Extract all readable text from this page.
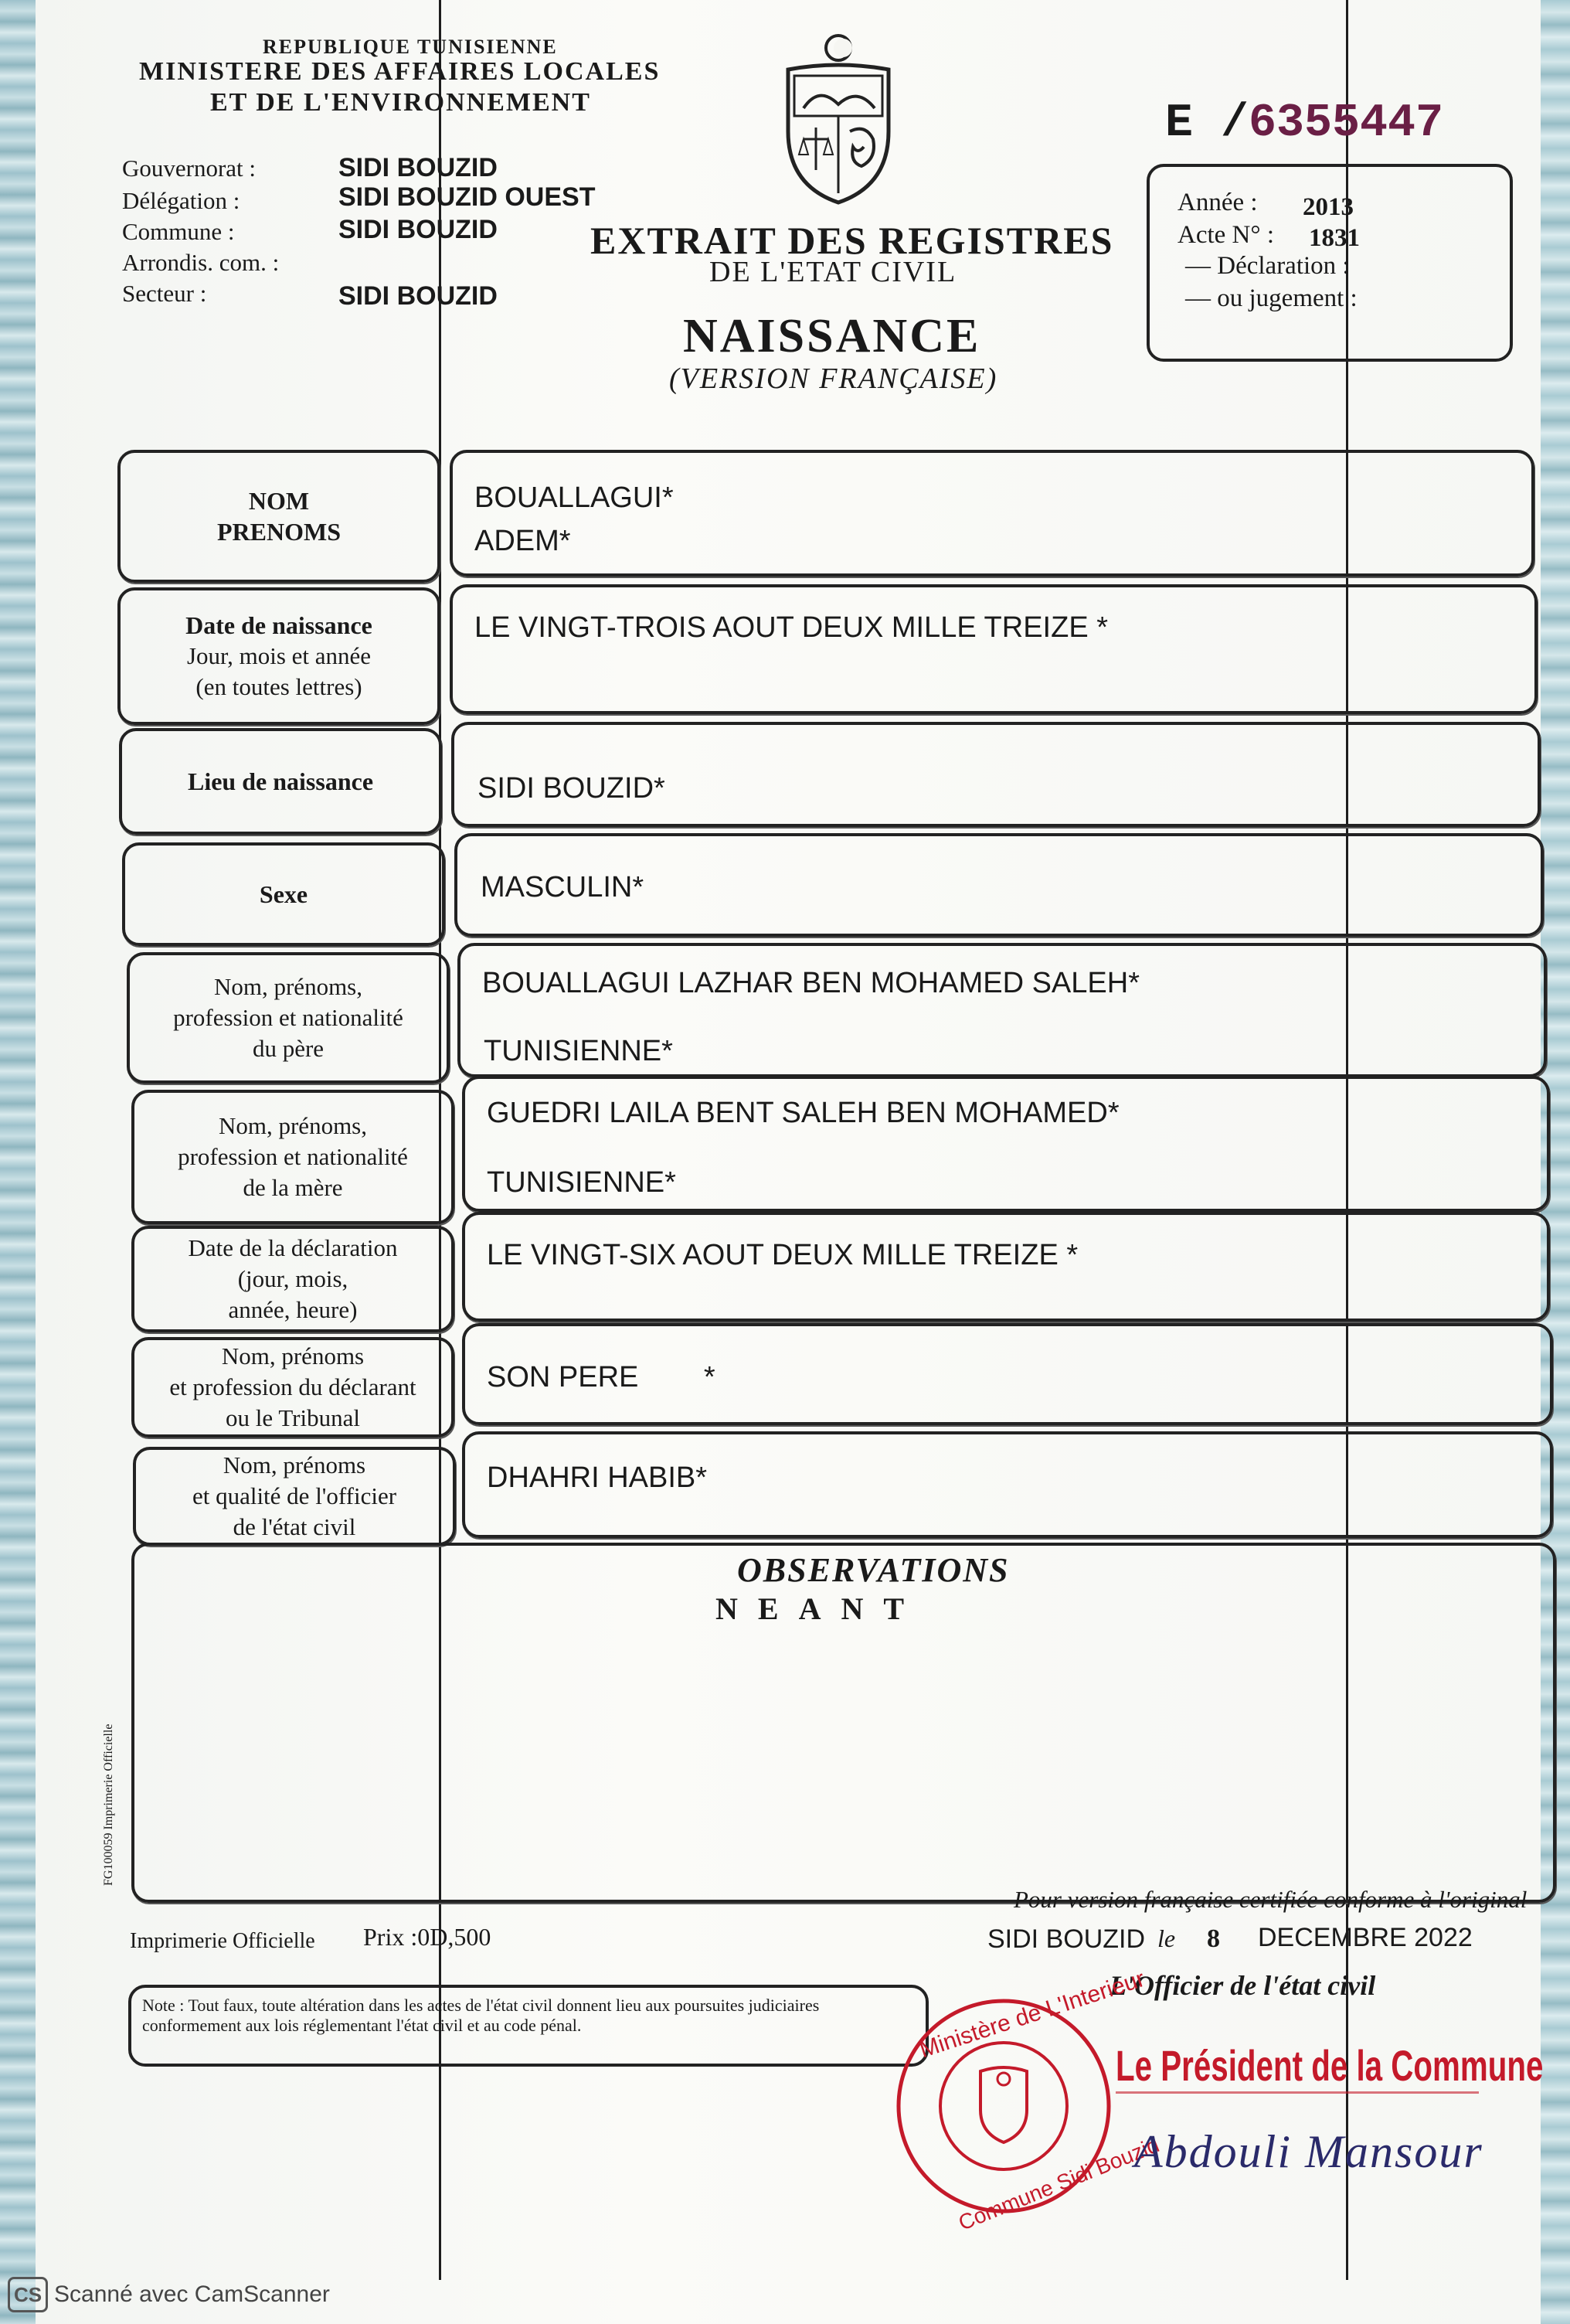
REPUBLIQUE TUNISIENNE
MINISTERE DES AFFAIRES LOCALES
ET DE L'ENVIRONNEMENT
Gouvernorat :	SIDI BOUZID
Délégation :	SIDI BOUZID OUEST
Commune :	SIDI BOUZID
Arrondis. com. :
Secteur :	SIDI BOUZID
EXTRAIT DES REGISTRES
DE L'ETAT CIVIL
NAISSANCE
(VERSION FRANÇAISE)
E /6355447
Année : 2013
Acte N° : 1831
— Déclaration :
— ou jugement :
NOM
PRENOMS
BOUALLAGUI*
ADEM*
Date de naissance
Jour, mois et année
(en toutes lettres)
LE VINGT-TROIS AOUT DEUX MILLE TREIZE *
Lieu de naissance	SIDI BOUZID*
Sexe	MASCULIN*
Nom, prénoms,
profession et nationalité
du père
BOUALLAGUI LAZHAR BEN MOHAMED SALEH*
TUNISIENNE*
Nom, prénoms,
profession et nationalité
de la mère
GUEDRI LAILA BENT SALEH BEN MOHAMED*
TUNISIENNE*
Date de la déclaration
(jour, mois,
année, heure)
LE VINGT-SIX AOUT DEUX MILLE TREIZE *
Nom, prénoms
et profession du déclarant
ou le Tribunal
SON PERE        *
Nom, prénoms
et qualité de l'officier
de l'état civil
DHAHRI HABIB*
OBSERVATIONS
NEANT
FG100059 Imprimerie Officielle
Imprimerie Officielle Prix :0D,500
Pour version française certifiée conforme à l'original
SIDI BOUZID le 8 DECEMBRE 2022
L'Officier de l'état civil
Note : Tout faux, toute altération dans les actes de l'état civil donnent lieu aux poursuites judiciaires conformement aux lois réglementant l'état civil et au code pénal.	Ministère de L'Interieur
Commune Sidi Bouzid
Le Président de la Commune
Abdouli Mansour
CS Scanné avec CamScanner
